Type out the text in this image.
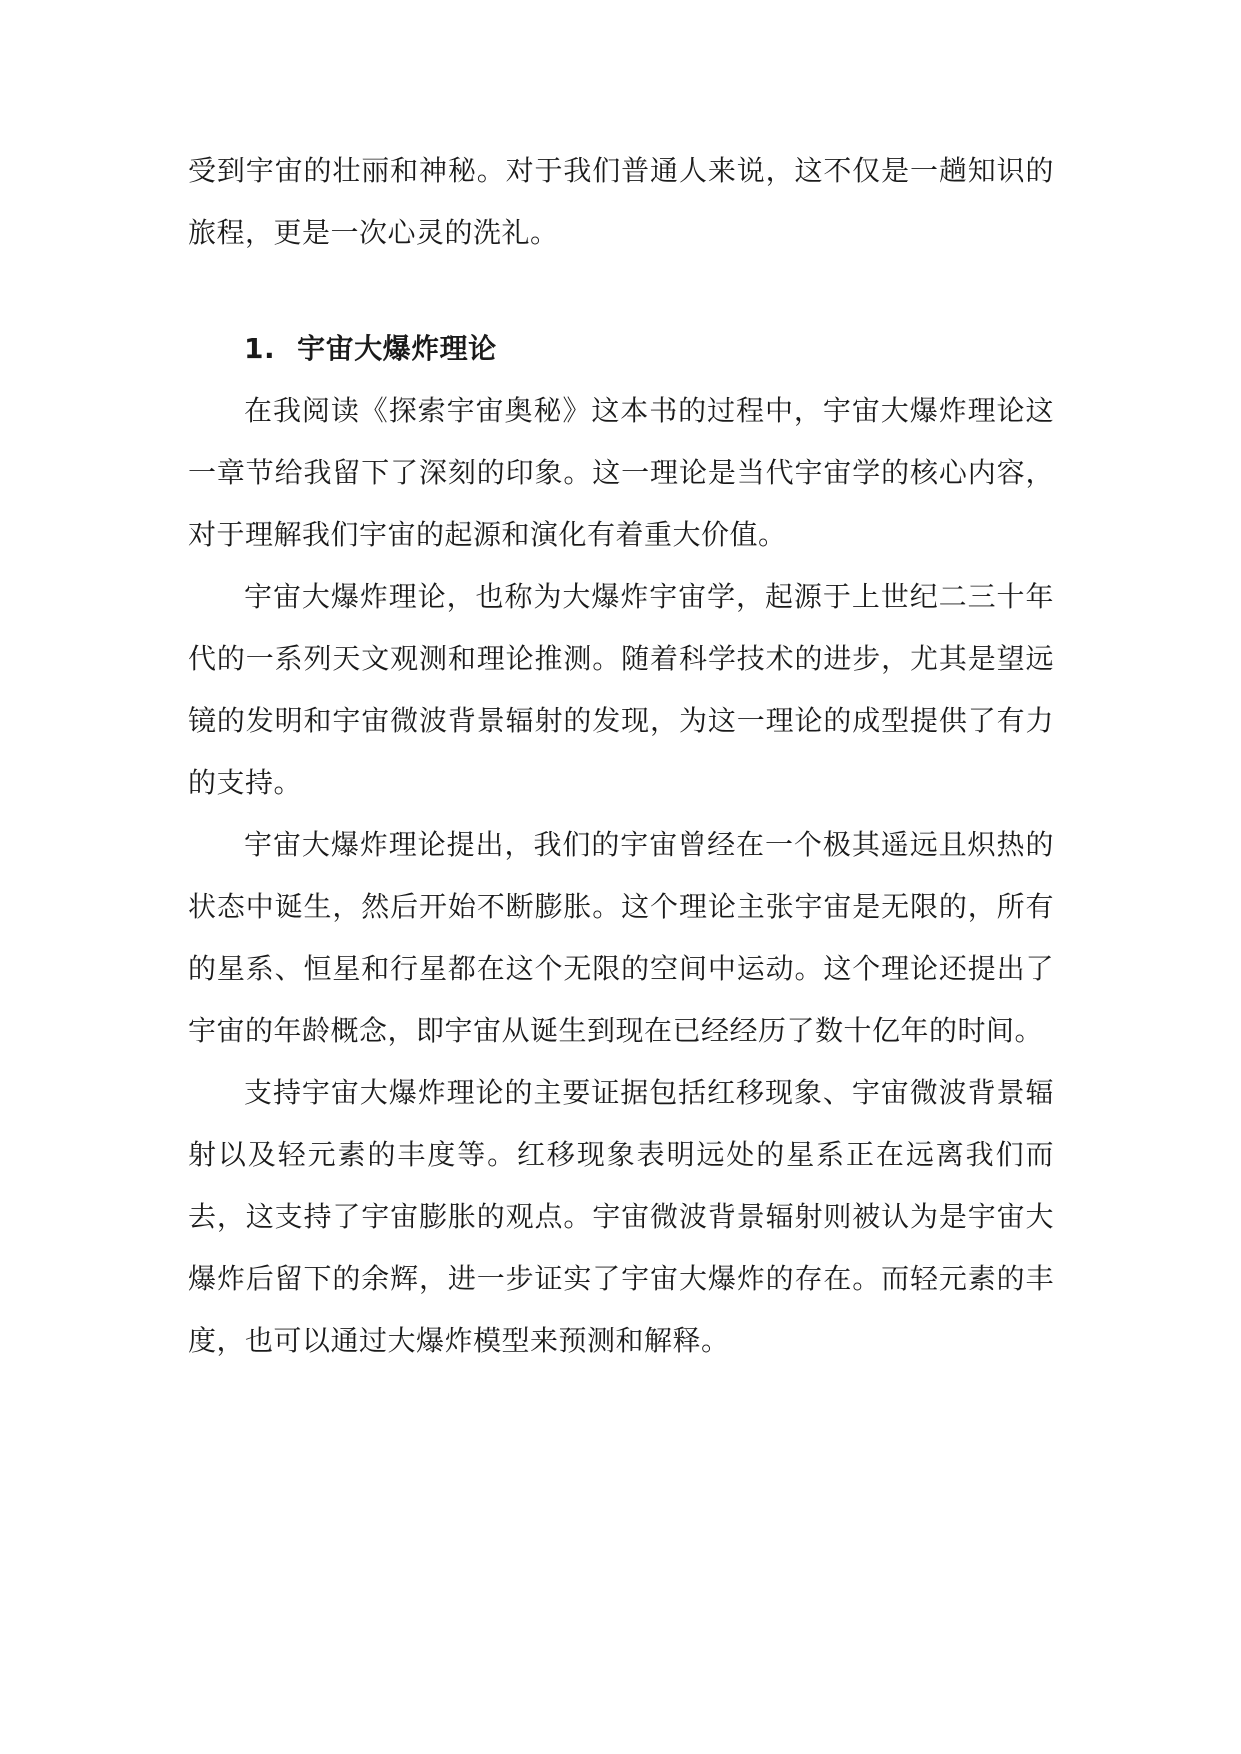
受到宇宙的壮丽和神秘。对于我们普通人来说，这不仅是一趟知识的旅程，更是一次心灵的洗礼。

1. 宇宙大爆炸理论

在我阅读《探索宇宙奥秘》这本书的过程中，宇宙大爆炸理论这一章节给我留下了深刻的印象。这一理论是当代宇宙学的核心内容，对于理解我们宇宙的起源和演化有着重大价值。

宇宙大爆炸理论，也称为大爆炸宇宙学，起源于上世纪二三十年代的一系列天文观测和理论推测。随着科学技术的进步，尤其是望远镜的发明和宇宙微波背景辐射的发现，为这一理论的成型提供了有力的支持。

宇宙大爆炸理论提出，我们的宇宙曾经在一个极其遥远且炽热的状态中诞生，然后开始不断膨胀。这个理论主张宇宙是无限的，所有的星系、恒星和行星都在这个无限的空间中运动。这个理论还提出了宇宙的年龄概念，即宇宙从诞生到现在已经经历了数十亿年的时间。

支持宇宙大爆炸理论的主要证据包括红移现象、宇宙微波背景辐射以及轻元素的丰度等。红移现象表明远处的星系正在远离我们而去，这支持了宇宙膨胀的观点。宇宙微波背景辐射则被认为是宇宙大爆炸后留下的余辉，进一步证实了宇宙大爆炸的存在。而轻元素的丰度，也可以通过大爆炸模型来预测和解释。
